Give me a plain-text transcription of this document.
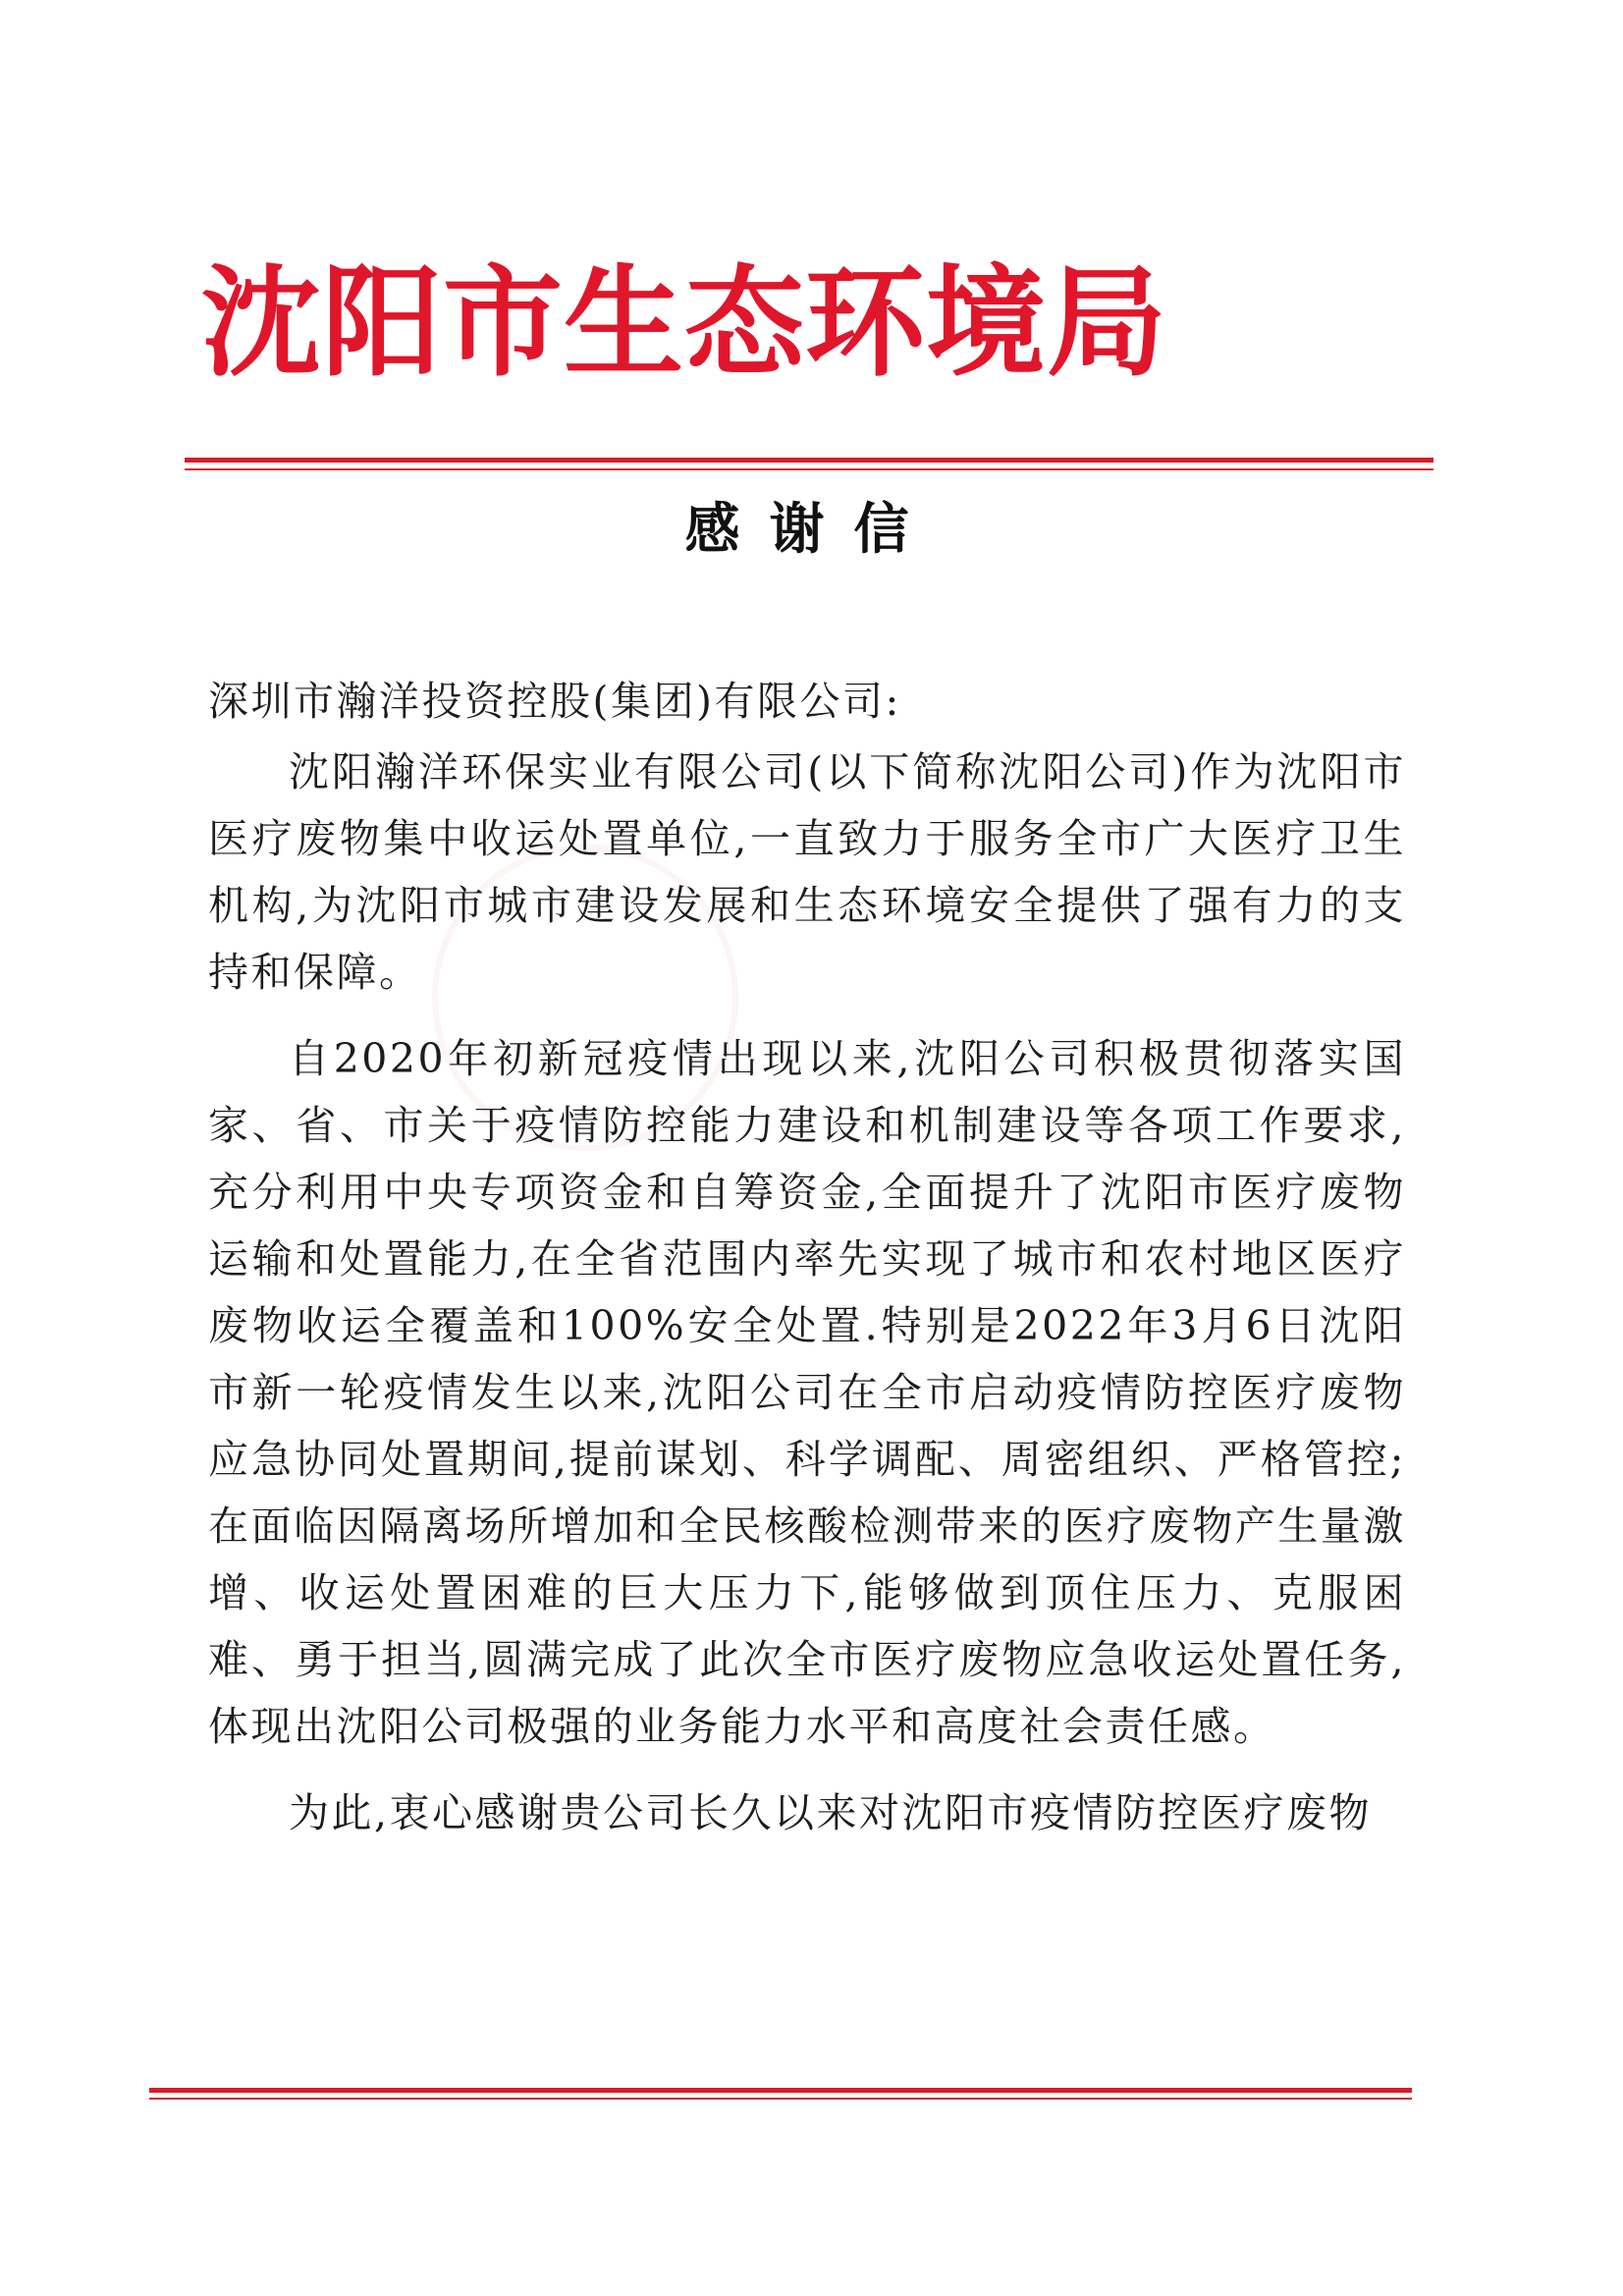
沈阳市生态环境局
感谢信

深圳市瀚洋投资控股(集团)有限公司:

沈阳瀚洋环保实业有限公司(以下简称沈阳公司)作为沈阳市医疗废物集中收运处置单位,一直致力于服务全市广大医疗卫生机构,为沈阳市城市建设发展和生态环境安全提供了强有力的支持和保障。

自2020年初新冠疫情出现以来,沈阳公司积极贯彻落实国家、省、市关于疫情防控能力建设和机制建设等各项工作要求,充分利用中央专项资金和自筹资金,全面提升了沈阳市医疗废物运输和处置能力,在全省范围内率先实现了城市和农村地区医疗废物收运全覆盖和100%安全处置.特别是2022年3月6日沈阳市新一轮疫情发生以来,沈阳公司在全市启动疫情防控医疗废物应急协同处置期间,提前谋划、科学调配、周密组织、严格管控;在面临因隔离场所增加和全民核酸检测带来的医疗废物产生量激增、收运处置困难的巨大压力下,能够做到顶住压力、克服困难、勇于担当,圆满完成了此次全市医疗废物应急收运处置任务,体现出沈阳公司极强的业务能力水平和高度社会责任感。

为此,衷心感谢贵公司长久以来对沈阳市疫情防控医疗废物
